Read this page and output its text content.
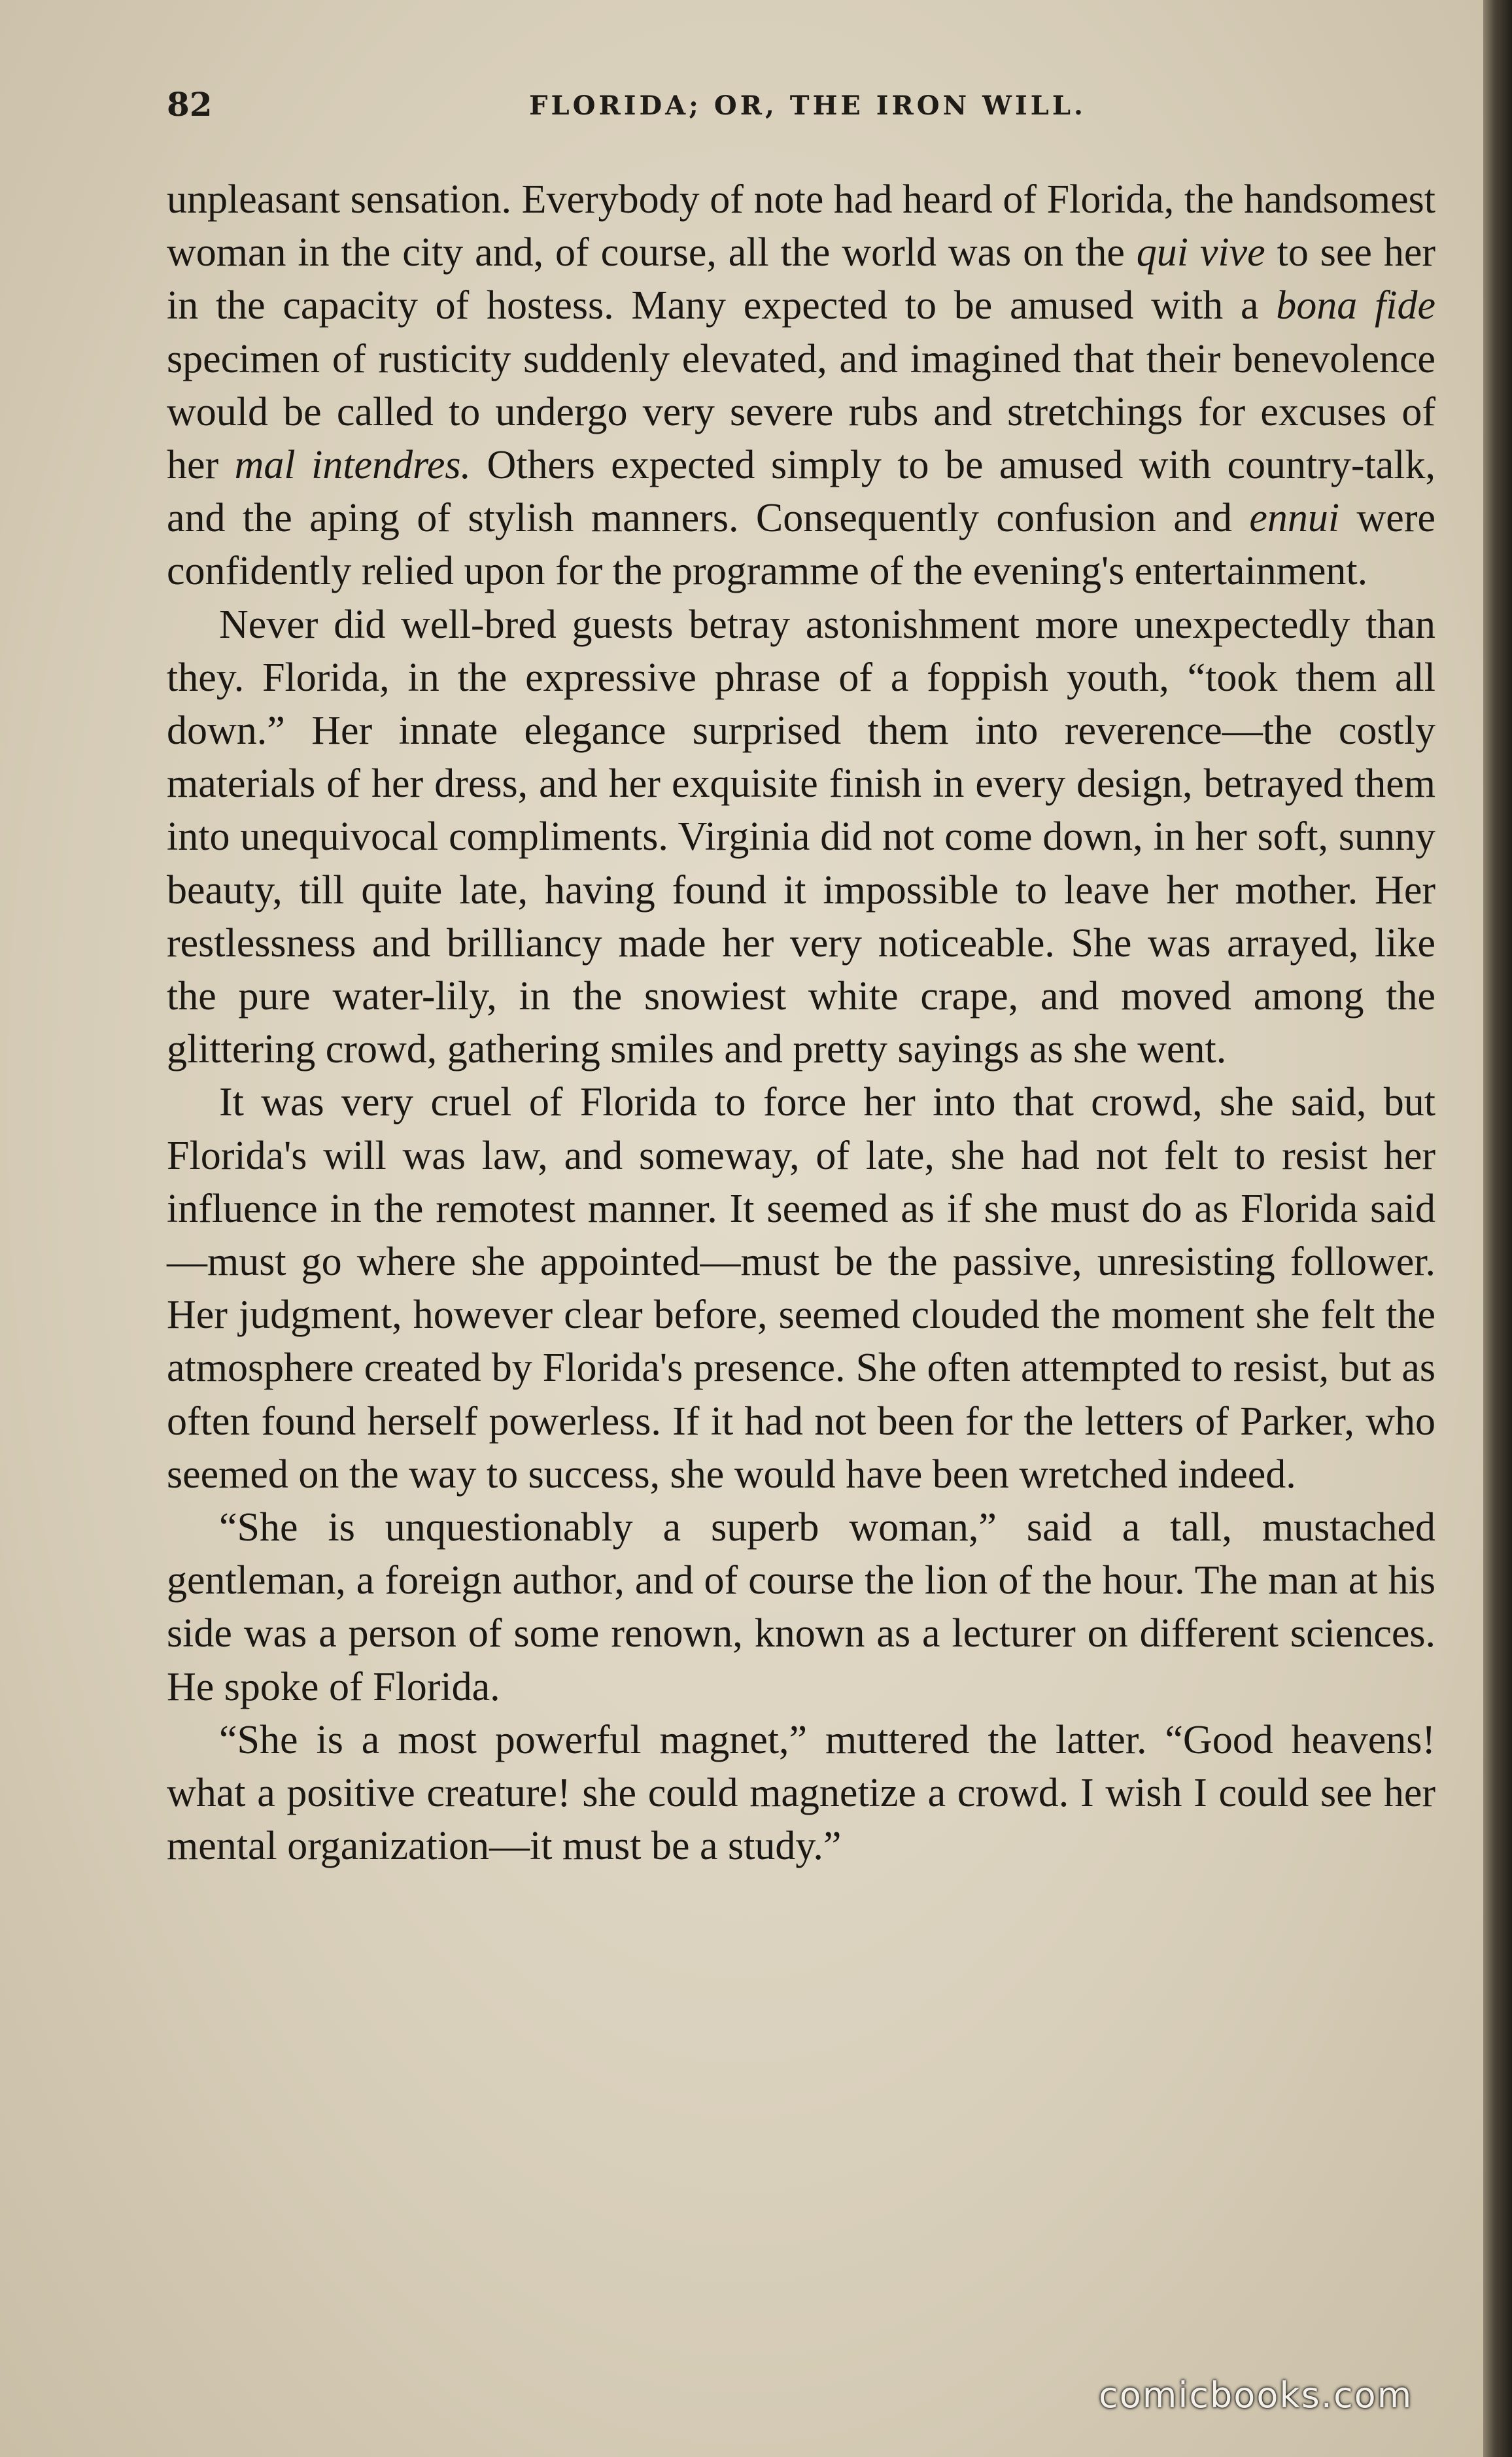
82	FLORIDA; OR, THE IRON WILL.

unpleasant sensation. Everybody of note had heard of Florida, the handsomest woman in the city and, of course, all the world was on the qui vive to see her in the capacity of hostess. Many expected to be amused with a bona fide specimen of rusticity suddenly elevated, and imagined that their benevolence would be called to undergo very severe rubs and stretchings for excuses of her mal intendres. Others expected simply to be amused with country-talk, and the aping of stylish manners. Consequently confusion and ennui were confidently relied upon for the programme of the evening's entertainment.

Never did well-bred guests betray astonishment more unexpectedly than they. Florida, in the expressive phrase of a foppish youth, “took them all down.” Her innate elegance surprised them into reverence—the costly materials of her dress, and her exquisite finish in every design, betrayed them into unequivocal compliments. Virginia did not come down, in her soft, sunny beauty, till quite late, having found it impossible to leave her mother. Her restlessness and brilliancy made her very noticeable. She was arrayed, like the pure water-lily, in the snowiest white crape, and moved among the glittering crowd, gathering smiles and pretty sayings as she went.

It was very cruel of Florida to force her into that crowd, she said, but Florida's will was law, and someway, of late, she had not felt to resist her influence in the remotest manner. It seemed as if she must do as Florida said—must go where she appointed—must be the passive, unresisting follower. Her judgment, however clear before, seemed clouded the moment she felt the atmosphere created by Florida's presence. She often attempted to resist, but as often found herself powerless. If it had not been for the letters of Parker, who seemed on the way to success, she would have been wretched indeed.

“She is unquestionably a superb woman,” said a tall, mustached gentleman, a foreign author, and of course the lion of the hour. The man at his side was a person of some renown, known as a lecturer on different sciences. He spoke of Florida.

“She is a most powerful magnet,” muttered the latter. “Good heavens! what a positive creature! she could magnetize a crowd. I wish I could see her mental organization—it must be a study.”

comicbooks.com
